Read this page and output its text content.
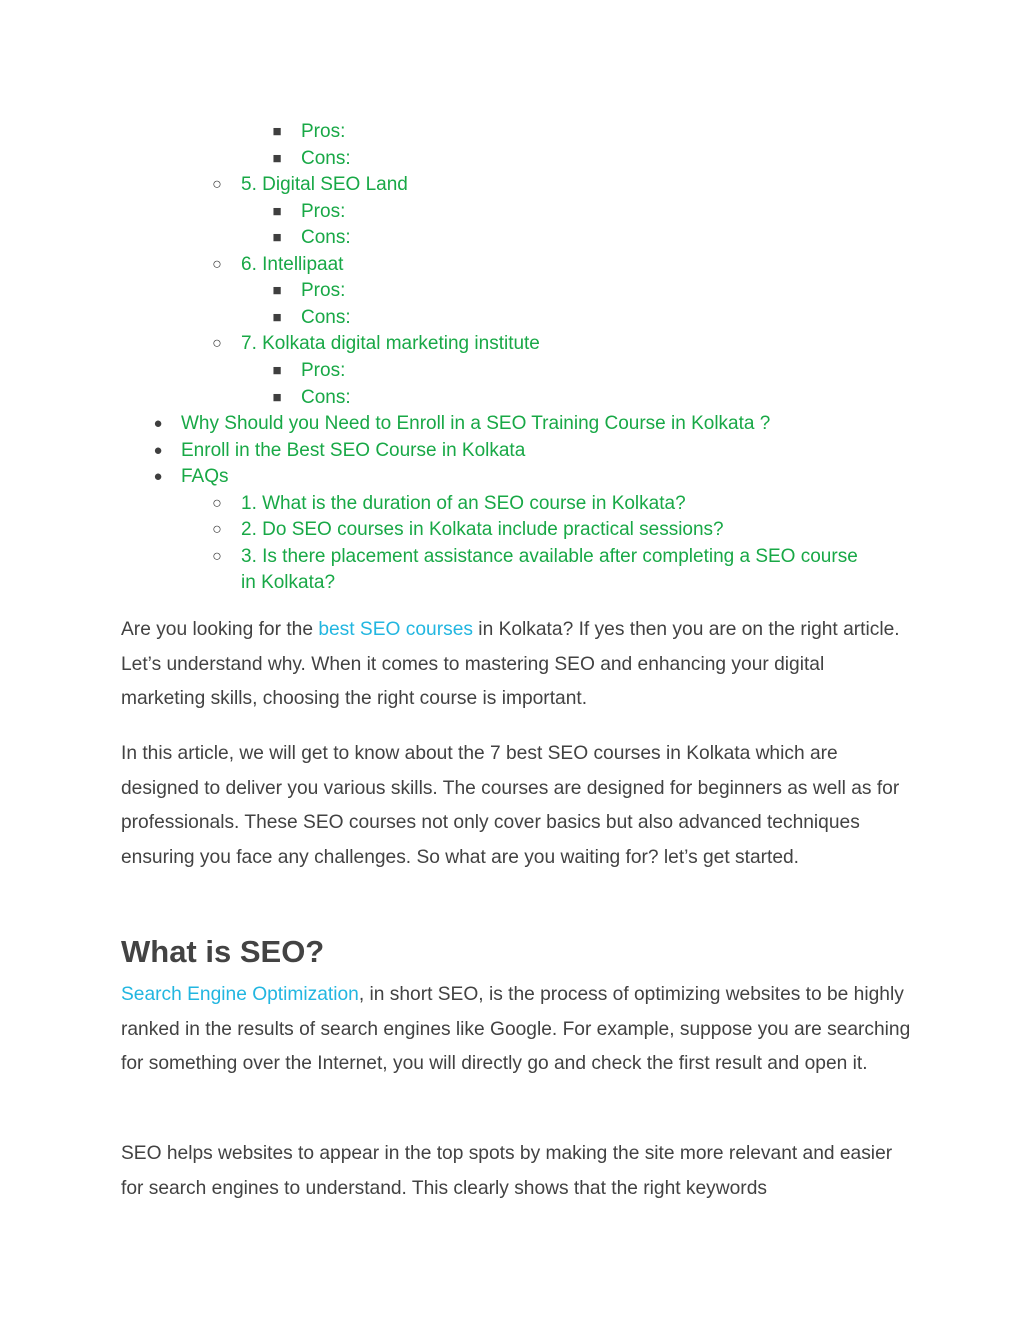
■ Pros:
■ Cons:
○ 5. Digital SEO Land
■ Pros:
■ Cons:
○ 6. Intellipaat
■ Pros:
■ Cons:
○ 7. Kolkata digital marketing institute
■ Pros:
■ Cons:
● Why Should you Need to Enroll in a SEO Training Course in Kolkata ?
● Enroll in the Best SEO Course in Kolkata
● FAQs
○ 1. What is the duration of an SEO course in Kolkata?
○ 2. Do SEO courses in Kolkata include practical sessions?
○ 3. Is there placement assistance available after completing a SEO course
in Kolkata?

Are you looking for the best SEO courses in Kolkata? If yes then you are on the right article. Let’s understand why. When it comes to mastering SEO and enhancing your digital marketing skills, choosing the right course is important.

In this article, we will get to know about the 7 best SEO courses in Kolkata which are designed to deliver you various skills. The courses are designed for beginners as well as for professionals. These SEO courses not only cover basics but also advanced techniques ensuring you face any challenges. So what are you waiting for? let’s get started.

What is SEO?

Search Engine Optimization, in short SEO, is the process of optimizing websites to be highly ranked in the results of search engines like Google. For example, suppose you are searching for something over the Internet, you will directly go and check the first result and open it.

SEO helps websites to appear in the top spots by making the site more relevant and easier for search engines to understand. This clearly shows that the right keywords
